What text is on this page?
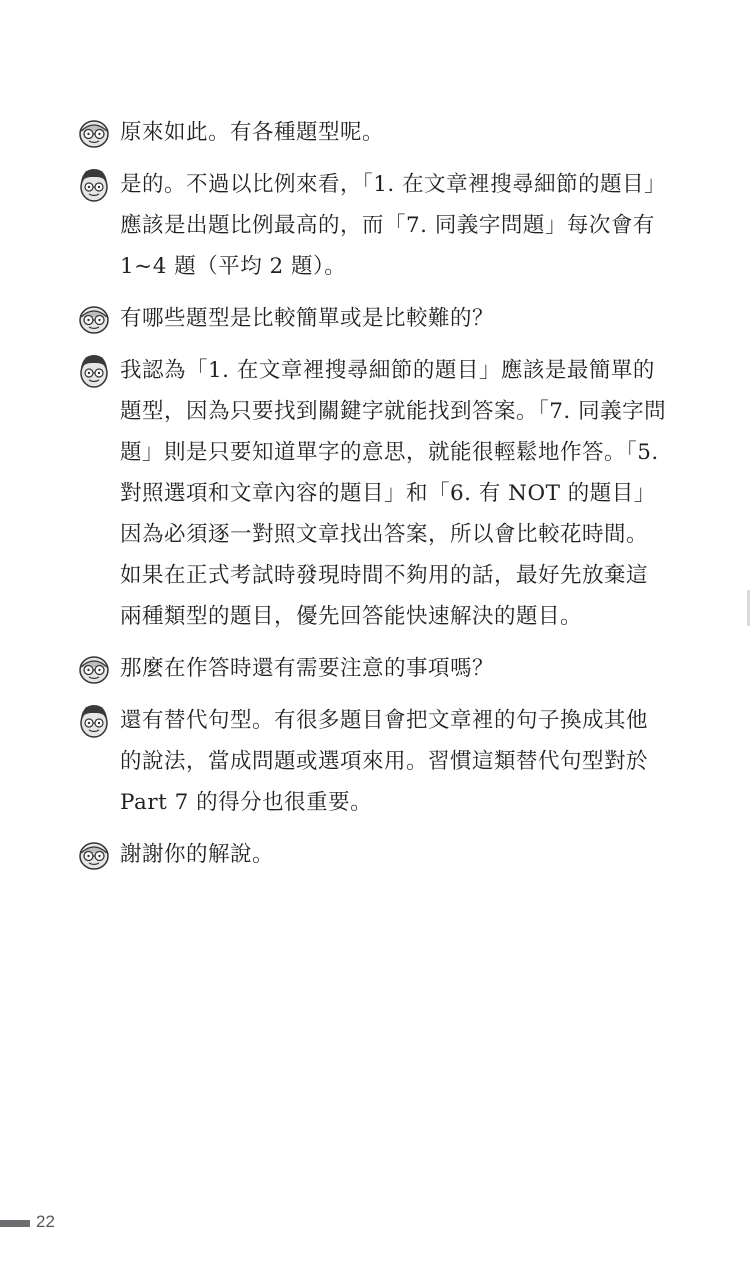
原來如此。有各種題型呢。
是的。不過以比例來看，「1. 在文章裡搜尋細節的題目」應該是出題比例最高的，而「7. 同義字問題」每次會有 1~4 題（平均 2 題）。
有哪些題型是比較簡單或是比較難的？
我認為「1. 在文章裡搜尋細節的題目」應該是最簡單的題型，因為只要找到關鍵字就能找到答案。「7. 同義字問題」則是只要知道單字的意思，就能很輕鬆地作答。「5. 對照選項和文章內容的題目」和「6. 有 NOT 的題目」因為必須逐一對照文章找出答案，所以會比較花時間。如果在正式考試時發現時間不夠用的話，最好先放棄這兩種類型的題目，優先回答能快速解決的題目。
那麼在作答時還有需要注意的事項嗎？
還有替代句型。有很多題目會把文章裡的句子換成其他的說法，當成問題或選項來用。習慣這類替代句型對於 Part 7 的得分也很重要。
謝謝你的解說。
22
